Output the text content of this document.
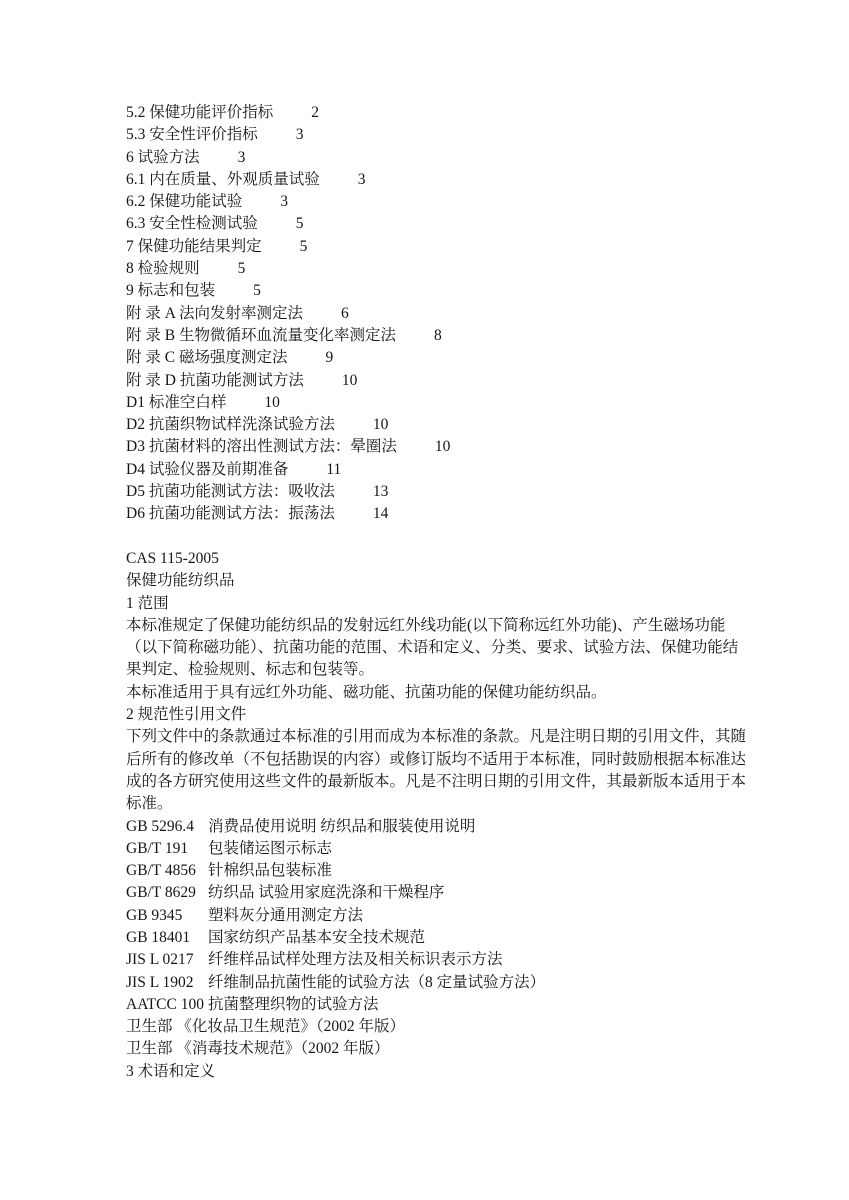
5.2 保健功能评价指标 2
5.3 安全性评价指标 3
6 试验方法 3
6.1 内在质量、外观质量试验 3
6.2 保健功能试验 3
6.3 安全性检测试验 5
7 保健功能结果判定 5
8 检验规则 5
9 标志和包装 5
附 录 A 法向发射率测定法 6
附 录 B 生物微循环血流量变化率测定法 8
附 录 C 磁场强度测定法 9
附 录 D 抗菌功能测试方法 10
D1 标准空白样 10
D2 抗菌织物试样洗涤试验方法 10
D3 抗菌材料的溶出性测试方法：晕圈法 10
D4 试验仪器及前期准备 11
D5 抗菌功能测试方法：吸收法 13
D6 抗菌功能测试方法：振荡法 14
CAS 115-2005
保健功能纺织品
1 范围
本标准规定了保健功能纺织品的发射远红外线功能(以下简称远红外功能)、产生磁场功能
（以下简称磁功能）、抗菌功能的范围、术语和定义、分类、要求、试验方法、保健功能结
果判定、检验规则、标志和包装等。
本标准适用于具有远红外功能、磁功能、抗菌功能的保健功能纺织品。
2 规范性引用文件
下列文件中的条款通过本标准的引用而成为本标准的条款。凡是注明日期的引用文件，其随
后所有的修改单（不包括勘误的内容）或修订版均不适用于本标准，同时鼓励根据本标准达
成的各方研究使用这些文件的最新版本。凡是不注明日期的引用文件，其最新版本适用于本
标准。
GB 5296.4 消费品使用说明 纺织品和服装使用说明
GB/T 191	包装储运图示标志
GB/T 4856 针棉织品包装标准
GB/T 8629 纺织品 试验用家庭洗涤和干燥程序
GB 9345	塑料灰分通用测定方法
GB 18401	国家纺织产品基本安全技术规范
JIS L 0217 纤维样品试样处理方法及相关标识表示方法
JIS L 1902 纤维制品抗菌性能的试验方法（8 定量试验方法）
AATCC 100 抗菌整理织物的试验方法
卫生部 《化妆品卫生规范》（2002 年版）
卫生部 《消毒技术规范》（2002 年版）
3 术语和定义
